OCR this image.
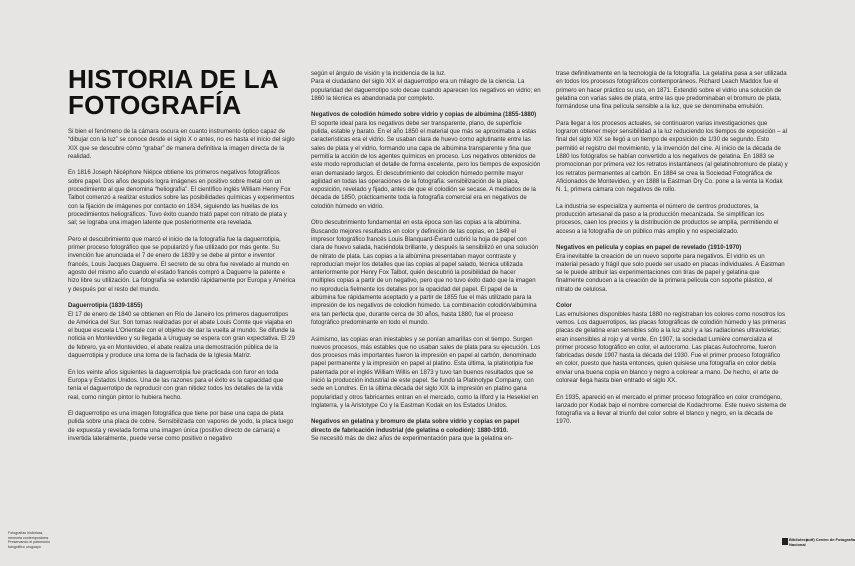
HISTORIA DE LA FOTOGRAFÍA

Si bien el fenómeno de la cámara oscura en cuanto instrumento óptico capaz de “dibujar con la luz” se conoce desde el siglo X o antes, no es hasta el inicio del siglo XIX que se descubre cómo “grabar” de manera definitiva la imagen directa de la realidad.

En 1816 Joseph Nicéphore Niépce obtiene los primeros negativos fotográficos sobre papel. Dos años después logra imágenes en positivo sobre metal con un procedimiento al que denomina “heliografía”. El científico inglés William Henry Fox Talbot comenzó a realizar estudios sobre las posibilidades químicas y experimentos con la fijación de imágenes por contacto en 1834, siguiendo las huellas de los procedimientos heliográficos. Tuvo éxito cuando trató papel con nitrato de plata y sal; se lograba una imagen latente que posteriormente era revelada.

Pero el descubrimiento que marcó el inicio de la fotografía fue la daguerrotipia, primer proceso fotográfico que se popularizó y fue utilizado por más gente. Su invención fue anunciada el 7 de enero de 1839 y se debe al pintor e inventor francés, Louis Jacques Daguerre. El secreto de su obra fue revelado al mundo en agosto del mismo año cuando el estado francés compró a Daguerre la patente e hizo libre su utilización. La fotografía se extendió rápidamente por Europa y América y después por el resto del mundo.

Daguerrotipia (1839-1855)

El 17 de enero de 1840 se obtienen en Río de Janeiro los primeros daguerrotipos de América del Sur. Son tomas realizadas por el abate Louis Comte que viajaba en el buque escuela L’Orientale con el objetivo de dar la vuelta al mundo. Se difunde la noticia en Montevideo y su llegada a Uruguay se espera con gran expectativa. El 29 de febrero, ya en Montevideo, el abate realiza una demostración pública de la daguerrotipia y produce una toma de la fachada de la Iglesia Matriz.

En los veinte años siguientes la daguerrotipia fue practicada con furor en toda Europa y Estados Unidos. Una de las razones para el éxito es la capacidad que tenía el daguerrotipo de reproducir con gran nitidez todos los detalles de la vida real, como ningún pintor lo hubiera hecho.

El daguerrotipo es una imagen fotográfica que tiene por base una capa de plata pulida sobre una placa de cobre. Sensibilizada con vapores de yodo, la placa luego de expuesta y revelada forma una imagen única (positivo directo de cámara) e invertida lateralmente, puede verse como positivo o negativo

según el ángulo de visión y la incidencia de la luz.
Para el ciudadano del siglo XIX el daguerrotipo era un milagro de la ciencia. La popularidad del daguerrotipo solo decae cuando aparecen los negativos en vidrio; en 1860 la técnica es abandonada por completo.

Negativos de colodión húmedo sobre vidrio y copias de albúmina (1855-1880)

El soporte ideal para los negativos debe ser transparente, plano, de superficie pulida, estable y barato. En el año 1850 el material que más se aproximaba a estas características era el vidrio. Se usaban clara de huevo como aglutinante entre las sales de plata y el vidrio, formando una capa de albúmina transparente y fina que permitía la acción de los agentes químicos en proceso. Los negativos obtenidos de este modo reproducían el detalle de forma excelente, pero los tiempos de exposición eran demasiado largos. El descubrimiento del colodión húmedo permite mayor agilidad en todas las operaciones de la fotografía: sensibilización de la placa, exposición, revelado y fijado, antes de que el colodión se secase. A mediados de la década de 1850, prácticamente toda la fotografía comercial era en negativos de colodión húmedo en vidrio.

Otro descubrimiento fundamental en esta época son las copias a la albúmina. Buscando mejores resultados en color y definición de las copias, en 1849 el impresor fotográfico francés Louis Blanquard-Évrard cubrió la hoja de papel con clara de huevo salada, haciéndola brillante, y después la sensibilizó en una solución de nitrato de plata. Las copias a la albúmina presentaban mayor contraste y reproducían mejor los detalles que las copias al papel salado, técnica utilizada anteriormente por Henry Fox Talbot, quién descubrió la posibilidad de hacer múltiples copias a partir de un negativo, pero que no tuvo éxito dado que la imagen no reproducía fielmente los detalles por la opacidad del papel. El papel de la albúmina fue rápidamente aceptado y a partir de 1855 fue el más utilizado para la impresión de los negativos de colodión húmedo. La combinación colodión/albúmina era tan perfecta que, durante cerca de 30 años, hasta 1880, fue el proceso fotográfico predominante en todo el mundo.

Asimismo, las copias eran iniestables y se ponían amarillas con el tiempo. Surgen nuevos procesos, más estables que no usaban sales de plata para su ejecución. Los dos procesos más importantes fueron la impresión en papel al carbón, denominado papel permanente y la impresión en papel al platino. Esta última, la platinotipia fue patentada por el inglés William Willis en 1873 y tuvo tan buenos resultados que se inició la producción industrial de este papel. Se fundó la Platinotype Company, con sede en Londres. En la última década del siglo XIX la impresión en platino gana popularidad y otros fabricantes entran en el mercado, como la Ilford y la Hesekiel en Inglaterra, y la Aristotype Co y la Eastman Kodak en los Estados Unidos.

Negativos en gelatina y bromuro de plata sobre vidrio y copias en papel directo de fabricación industrial (de gelatina o colodión): 1880-1910.

Se necesitó más de diez años de experimentación para que la gelatina en-

trase definitivamente en la tecnología de la fotografía. La gelatina pasa a ser utilizada en todos los procesos fotográficos contemporáneos. Richard Leach Maddox fue el primero en hacer práctico su uso, en 1871. Extendió sobre el vidrio una solución de gelatina con varias sales de plata, entre las que predominaban el bromuro de plata, formándose una fina película sensible a la luz, que se denominaba emulsión.

Para llegar a los procesos actuales, se continuaron varias investigaciones que lograron obtener mejor sensibilidad a la luz reduciendo los tiempos de exposición – al final del siglo XIX se llegó a un tiempo de exposición de 1/30 de segundo. Esto permitió el registro del movimiento, y la invención del cine. Al inicio de la década de 1880 los fotógrafos se habían convertido a los negativos de gelatina. En 1883 se promocionan por primera vez los retratos instantáneos (al gelatinobromuro de plata) y los retratos permanentes al carbón. En 1884 se crea la Sociedad Fotográfica de Aficionados de Montevideo, y en 1888 la Eastman Dry Co. pone a la venta la Kodak N. 1, primera cámara con negativos de rollo.

La industria se especializa y aumenta el número de centros productores, la producción artesanal da paso a la producción mecanizada. Se simplifican los procesos, caen los precios y la distribución de productos se amplía, permitiendo el acceso a la fotografía de un público más amplio y no especializado.

Negativos en película y copias en papel de revelado (1910-1970)

Era inevitable la creación de un nuevo soporte para negativos. El vidrio es un material pesado y frágil que solo puede ser usado en placas individuales. A Eastman se le puede atribuir las experimentaciones con tiras de papel y gelatina que finalmente conducen a la creación de la primera película con soporte plástico, el nitrato de celulosa.

Color

Las emulsiones disponibles hasta 1880 no registraban los colores como nosotros los vemos. Los daguerrotipos, las placas fotográficas de colodión húmedo y las primeras placas de gelatina eran sensibles sólo a la luz azul y a las radiaciones ultravioletas; eran insensibles al rojo y al verde. En 1907, la sociedad Lumière comercializa el primer proceso fotográfico en color, el autocromo. Las placas Autochrome, fueron fabricadas desde 1907 hasta la década del 1930. Fue el primer proceso fotográfico en color, puesto que hasta entonces, quien quisiese una fotografía en color debía enviar una buena copia en blanco y negro a colorear a mano. De hecho, el arte de colorear llega hasta bien entrado el siglo XX.

En 1935, apareció en el mercado el primer proceso fotográfico en color cromógeno, lanzado por Kodak bajo el nombre comercial de Kodachrome. Este nuevo sistema de fotografía va a llevar al triunfo del color sobre el blanco y negro, en la década de 1970.

Fotografías históricas,
memoria contemporánea.
Preservando el patrimonio
fotográfico uruguayo
Biblioteca
Nacional
(cdf) Centro de Fotografía
